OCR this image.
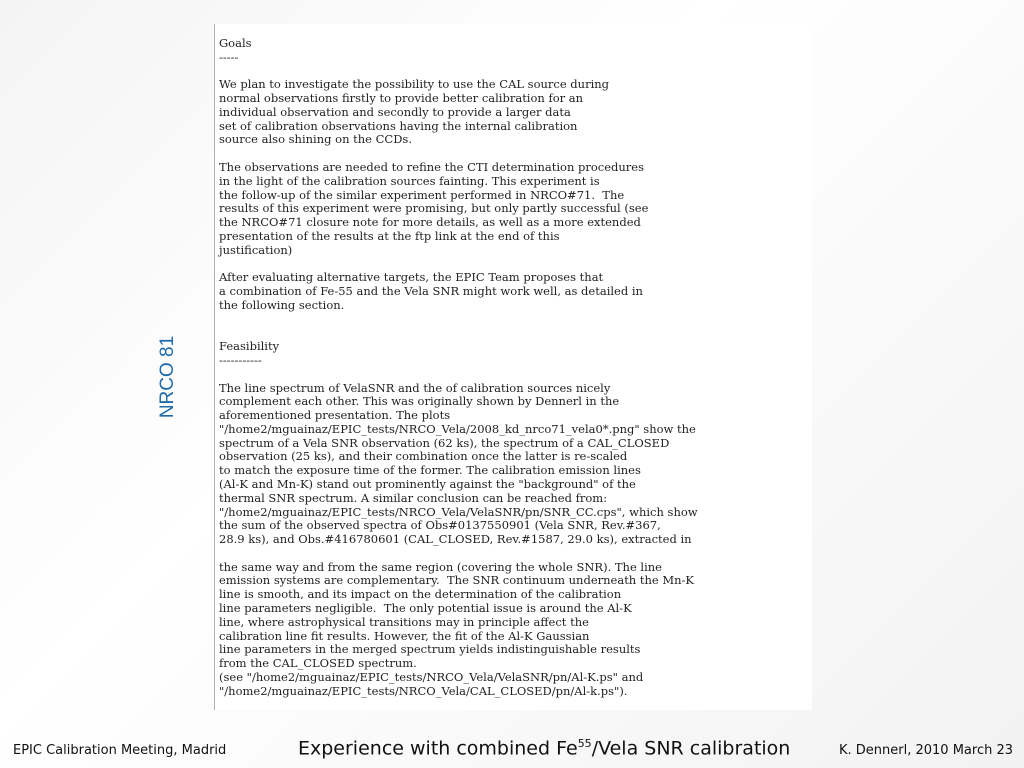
NRCO 81
Goals
-----

We plan to investigate the possibility to use the CAL source during
normal observations firstly to provide better calibration for an
individual observation and secondly to provide a larger data
set of calibration observations having the internal calibration
source also shining on the CCDs.

The observations are needed to refine the CTI determination procedures
in the light of the calibration sources fainting. This experiment is
the follow-up of the similar experiment performed in NRCO#71.  The
results of this experiment were promising, but only partly successful (see
the NRCO#71 closure note for more details, as well as a more extended
presentation of the results at the ftp link at the end of this
justification)

After evaluating alternative targets, the EPIC Team proposes that
a combination of Fe-55 and the Vela SNR might work well, as detailed in
the following section.

Feasibility
-----------

The line spectrum of VelaSNR and the of calibration sources nicely
complement each other. This was originally shown by Dennerl in the
aforementioned presentation. The plots
"/home2/mguainaz/EPIC_tests/NRCO_Vela/2008_kd_nrco71_vela0*.png" show the
spectrum of a Vela SNR observation (62 ks), the spectrum of a CAL_CLOSED
observation (25 ks), and their combination once the latter is re-scaled
to match the exposure time of the former. The calibration emission lines
(Al-K and Mn-K) stand out prominently against the "background" of the
thermal SNR spectrum. A similar conclusion can be reached from:
"/home2/mguainaz/EPIC_tests/NRCO_Vela/VelaSNR/pn/SNR_CC.cps", which show
the sum of the observed spectra of Obs#0137550901 (Vela SNR, Rev.#367,
28.9 ks), and Obs.#416780601 (CAL_CLOSED, Rev.#1587, 29.0 ks), extracted in

the same way and from the same region (covering the whole SNR). The line
emission systems are complementary.  The SNR continuum underneath the Mn-K
line is smooth, and its impact on the determination of the calibration
line parameters negligible.  The only potential issue is around the Al-K
line, where astrophysical transitions may in principle affect the
calibration line fit results. However, the fit of the Al-K Gaussian
line parameters in the merged spectrum yields indistinguishable results
from the CAL_CLOSED spectrum.
(see "/home2/mguainaz/EPIC_tests/NRCO_Vela/VelaSNR/pn/Al-K.ps" and
"/home2/mguainaz/EPIC_tests/NRCO_Vela/CAL_CLOSED/pn/Al-k.ps").
EPIC Calibration Meeting, Madrid	Experience with combined Fe$^{55}$/Vela SNR calibration	K. Dennerl, 2010 March 23
